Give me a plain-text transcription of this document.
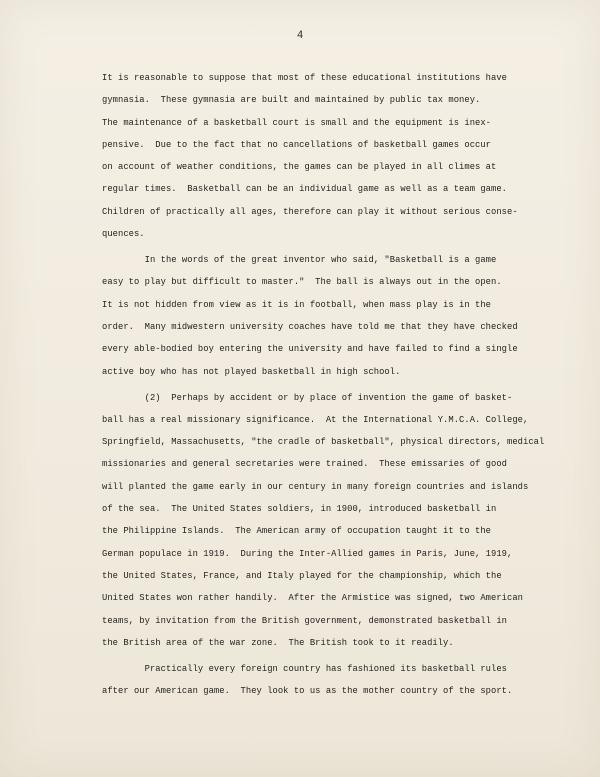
4

It is reasonable to suppose that most of these educational institutions have
gymnasia.  These gymnasia are built and maintained by public tax money.
The maintenance of a basketball court is small and the equipment is inex-
pensive.  Due to the fact that no cancellations of basketball games occur
on account of weather conditions, the games can be played in all climes at
regular times.  Basketball can be an individual game as well as a team game.
Children of practically all ages, therefore can play it without serious conse-
quences.
In the words of the great inventor who said, "Basketball is a game
easy to play but difficult to master."  The ball is always out in the open.
It is not hidden from view as it is in football, when mass play is in the
order.  Many midwestern university coaches have told me that they have checked
every able-bodied boy entering the university and have failed to find a single
active boy who has not played basketball in high school.
(2)  Perhaps by accident or by place of invention the game of basket-
ball has a real missionary significance.  At the International Y.M.C.A. College,
Springfield, Massachusetts, "the cradle of basketball", physical directors, medical
missionaries and general secretaries were trained.  These emissaries of good
will planted the game early in our century in many foreign countries and islands
of the sea.  The United States soldiers, in 1900, introduced basketball in
the Philippine Islands.  The American army of occupation taught it to the
German populace in 1919.  During the Inter-Allied games in Paris, June, 1919,
the United States, France, and Italy played for the championship, which the
United States won rather handily.  After the Armistice was signed, two American
teams, by invitation from the British government, demonstrated basketball in
the British area of the war zone.  The British took to it readily.
Practically every foreign country has fashioned its basketball rules
after our American game.  They look to us as the mother country of the sport.
